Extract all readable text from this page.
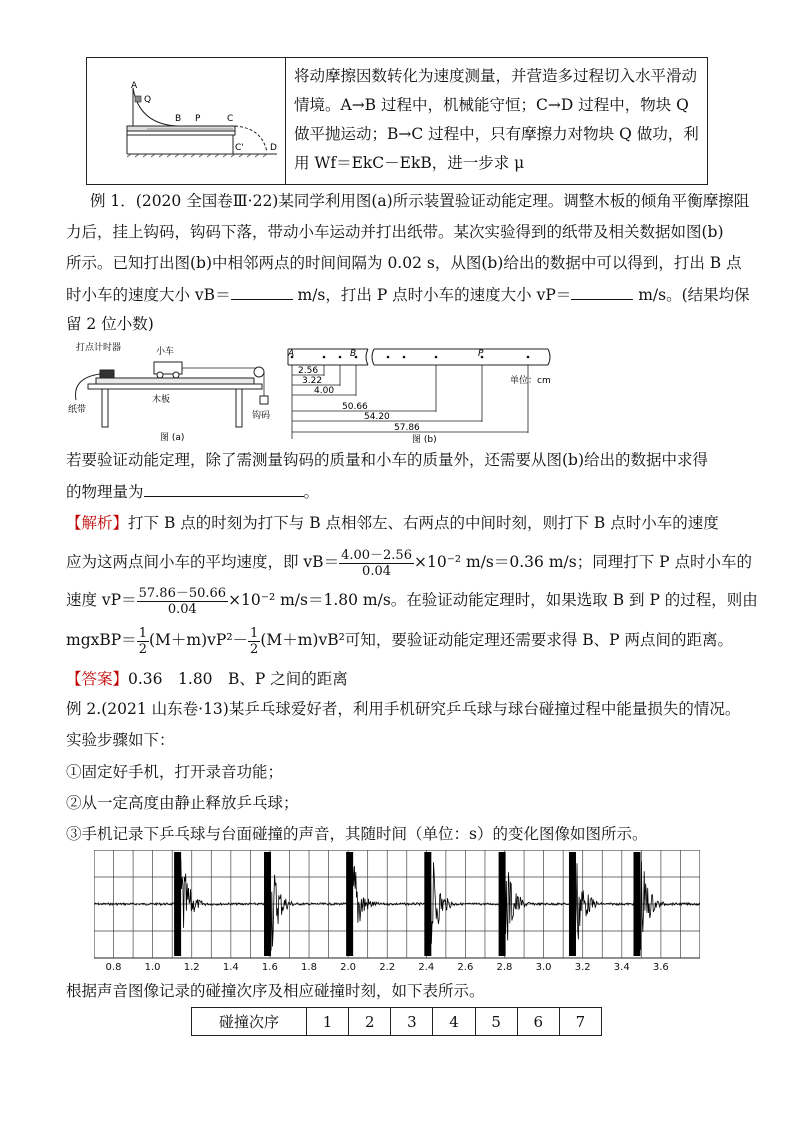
A
Q
B P	C
C'	D

将动摩擦因数转化为速度测量，并营造多过程切入水平滑动
情境。A→B 过程中，机械能守恒；C→D 过程中，物块 Q
做平抛运动；B→C 过程中，只有摩擦力对物块 Q 做功，利
用 Wf＝EkC－EkB，进一步求 μ
例 1．(2020 全国卷Ⅲ·22)某同学利用图(a)所示装置验证动能定理。调整木板的倾角平衡摩擦阻
力后，挂上钩码，钩码下落，带动小车运动并打出纸带。某次实验得到的纸带及相关数据如图(b)
所示。已知打出图(b)中相邻两点的时间间隔为 0.02 s，从图(b)给出的数据中可以得到，打出 B 点
时小车的速度大小 vB＝	m/s，打出 P 点时小车的速度大小 vP＝	m/s。(结果均保
留 2 位小数)
打点计时器	小车
纸带
木板
钩码
图 (a)
A	B	P
2.56
3.22
4.00
50.66
54.20
57.86
单位：cm
图 (b)
若要验证动能定理，除了需测量钩码的质量和小车的质量外，还需要从图(b)给出的数据中求得
的物理量为	。
【解析】打下 B 点的时刻为打下与 B 点相邻左、右两点的中间时刻，则打下 B 点时小车的速度
应为这两点间小车的平均速度，即 $vB= \frac{4.00-2.56}{0.04} \times 10^{-2}$ m/s＝0.36 m/s；同理打下 P 点时小车的
速度 $vP= \frac{57.86-50.66}{0.04} \times 10^{-2}$ m/s＝1.80 m/s。在验证动能定理时，如果选取 B 到 P 的过程，则由
mgxBP＝ $\frac{1}{2} (M+m)vP^2- \frac{1}{2} (M+m)vB^2$可知，要验证动能定理还需要求得 B、P 两点间的距离。
【答案】0.36　1.80　B、P 之间的距离
例 2.(2021 山东卷·13)某乒乓球爱好者，利用手机研究乒乓球与球台碰撞过程中能量损失的情况。
实验步骤如下：
①固定好手机，打开录音功能；
②从一定高度由静止释放乒乓球；
③手机记录下乒乓球与台面碰撞的声音，其随时间（单位：s）的变化图像如图所示。
0.8 1.0 1.2 1.4 1.6 1.8 2.0 2.2 2.4 2.6 2.8 3.0 3.2 3.4 3.6
根据声音图像记录的碰撞次序及相应碰撞时刻，如下表所示。
碰撞次序	1	2	3	4	5	6	7
